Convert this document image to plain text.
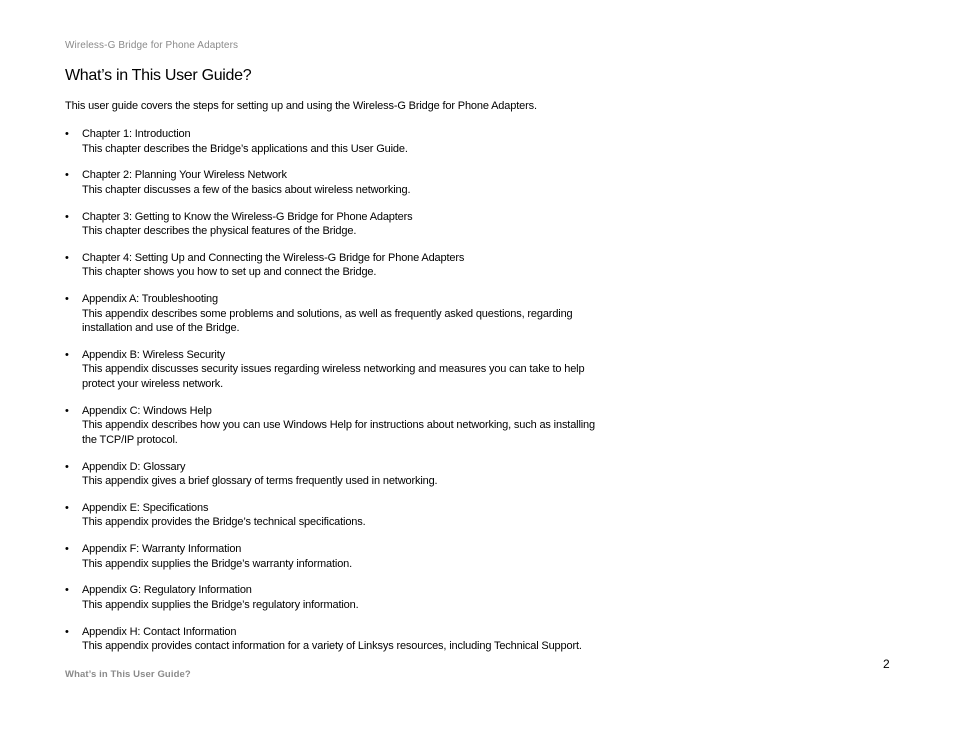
Wireless-G Bridge for Phone Adapters
What’s in This User Guide?

This user guide covers the steps for setting up and using the Wireless-G Bridge for Phone Adapters.

• Chapter 1: Introduction
This chapter describes the Bridge’s applications and this User Guide.
• Chapter 2: Planning Your Wireless Network
This chapter discusses a few of the basics about wireless networking.
• Chapter 3: Getting to Know the Wireless-G Bridge for Phone Adapters
This chapter describes the physical features of the Bridge.
• Chapter 4: Setting Up and Connecting the Wireless-G Bridge for Phone Adapters
This chapter shows you how to set up and connect the Bridge.
• Appendix A: Troubleshooting
This appendix describes some problems and solutions, as well as frequently asked questions, regarding installation and use of the Bridge.
• Appendix B: Wireless Security
This appendix discusses security issues regarding wireless networking and measures you can take to help protect your wireless network.
• Appendix C: Windows Help
This appendix describes how you can use Windows Help for instructions about networking, such as installing the TCP/IP protocol.
• Appendix D: Glossary
This appendix gives a brief glossary of terms frequently used in networking.
• Appendix E: Specifications
This appendix provides the Bridge’s technical specifications.
• Appendix F: Warranty Information
This appendix supplies the Bridge’s warranty information.
• Appendix G: Regulatory Information
This appendix supplies the Bridge’s regulatory information.
• Appendix H: Contact Information
This appendix provides contact information for a variety of Linksys resources, including Technical Support.
2
What’s in This User Guide?
